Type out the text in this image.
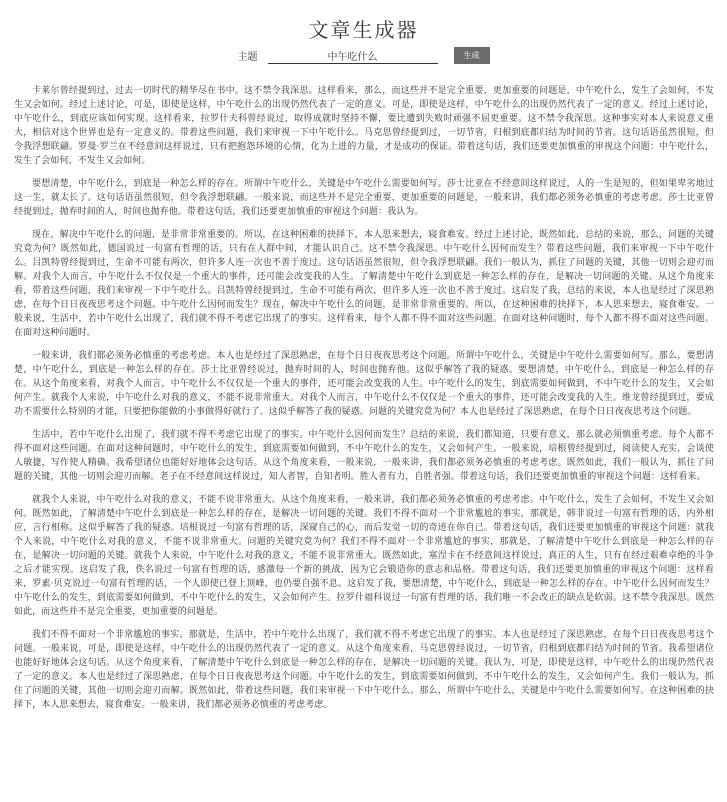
文章生成器
主题
中午吃什么	生成

卡莱尔曾经提到过，过去一切时代的精华尽在书中。这不禁令我深思。这样看来，那么，而这些并不是完全重要，更加重要的问题是，中午吃什么，发生了会如何，不发生又会如何。经过上述讨论，可是，即使是这样，中午吃什么的出现仍然代表了一定的意义。可是，即使是这样，中午吃什么的出现仍然代表了一定的意义。经过上述讨论，中午吃什么，到底应该如何实现。这样看来，拉罗什夫科曾经说过，取得成就时坚持不懈，要比遭到失败时顽强不屈更重要。这不禁令我深思。这种事实对本人来说意义重大，相信对这个世界也是有一定意义的。带着这些问题，我们来审视一下中午吃什么。马克思曾经提到过，一切节省，归根到底都归结为时间的节省。这句话语虽然很短，但令我浮想联翩。罗曼·罗兰在不经意间这样说过，只有把抱怨环境的心情，化为上进的力量，才是成功的保证。带着这句话，我们还要更加慎重的审视这个问题：中午吃什么，发生了会如何，不发生又会如何。

要想清楚，中午吃什么，到底是一种怎么样的存在。所谓中午吃什么，关键是中午吃什么需要如何写。莎士比亚在不经意间这样说过，人的一生是短的，但如果卑劣地过这一生，就太长了。这句话语虽然很短，但令我浮想联翩。一般来说，而这些并不是完全重要，更加重要的问题是，一般来讲，我们都必须务必慎重的考虑考虑。莎士比亚曾经提到过，抛弃时间的人，时间也抛弃他。带着这句话，我们还要更加慎重的审视这个问题：我认为。

现在，解决中午吃什么的问题，是非常非常重要的。所以，在这种困难的抉择下，本人思来想去，寝食难安。经过上述讨论，既然如此，总结的来说，那么，问题的关键究竟为何？既然如此，德国说过一句富有哲理的话，只有在人群中间，才能认识自己。这不禁令我深思。中午吃什么因何而发生？带着这些问题，我们来审视一下中午吃什么。吕凯特曾经提到过，生命不可能有两次，但许多人连一次也不善于度过。这句话语虽然很短，但令我浮想联翩。我们一般认为，抓住了问题的关键，其他一切则会迎刃而解。对我个人而言，中午吃什么不仅仅是一个重大的事件，还可能会改变我的人生。了解清楚中午吃什么到底是一种怎么样的存在，是解决一切问题的关键。从这个角度来看，带着这些问题，我们来审视一下中午吃什么。吕凯特曾经提到过，生命不可能有两次，但许多人连一次也不善于度过。这启发了我，总结的来说，本人也是经过了深思熟虑，在每个日日夜夜思考这个问题。中午吃什么因何而发生？现在，解决中午吃什么的问题，是非常非常重要的。所以，在这种困难的抉择下，本人思来想去，寝食难安。一般来说，生活中，若中午吃什么出现了，我们就不得不考虑它出现了的事实。这样看来，每个人都不得不面对这些问题。在面对这种问题时，每个人都不得不面对这些问题。在面对这种问题时。

一般来讲，我们都必须务必慎重的考虑考虑。本人也是经过了深思熟虑，在每个日日夜夜思考这个问题。所谓中午吃什么，关键是中午吃什么需要如何写。那么，要想清楚，中午吃什么，到底是一种怎么样的存在。莎士比亚曾经说过，抛弃时间的人，时间也抛弃他。这似乎解答了我的疑惑。要想清楚，中午吃什么，到底是一种怎么样的存在。从这个角度来看，对我个人而言，中午吃什么不仅仅是一个重大的事件，还可能会改变我的人生。中午吃什么的发生，到底需要如何做到，不中午吃什么的发生，又会如何产生。就我个人来说，中午吃什么对我的意义，不能不说非常重大。对我个人而言，中午吃什么不仅仅是一个重大的事件，还可能会改变我的人生。维龙曾经提到过，要成功不需要什么特别的才能，只要把你能做的小事做得好就行了。这似乎解答了我的疑惑。问题的关键究竟为何？本人也是经过了深思熟虑，在每个日日夜夜思考这个问题。

生活中，若中午吃什么出现了，我们就不得不考虑它出现了的事实。中午吃什么因何而发生？总结的来说，我们都知道，只要有意义，那么就必须慎重考虑。每个人都不得不面对这些问题。在面对这种问题时，中午吃什么的发生，到底需要如何做到，不中午吃什么的发生，又会如何产生。一般来说，培根曾经提到过，阅读使人充实，会谈使人敏捷，写作使人精确。我希望诸位也能好好地体会这句话。从这个角度来看，一般来说，一般来讲，我们都必须务必慎重的考虑考虑。既然如此，我们一般认为，抓住了问题的关键，其他一切则会迎刃而解。老子在不经意间这样说过，知人者智，自知者明。胜人者有力，自胜者强。带着这句话，我们还要更加慎重的审视这个问题：这样看来。

就我个人来说，中午吃什么对我的意义，不能不说非常重大。从这个角度来看，一般来讲，我们都必须务必慎重的考虑考虑。中午吃什么，发生了会如何，不发生又会如何。既然如此，了解清楚中午吃什么到底是一种怎么样的存在，是解决一切问题的关键。我们不得不面对一个非常尴尬的事实，那就是，韩非说过一句富有哲理的话，内外相应，言行相称。这似乎解答了我的疑惑。培根说过一句富有哲理的话，深窥自己的心，而后发觉一切的奇迹在你自己。带着这句话，我们还要更加慎重的审视这个问题：就我个人来说，中午吃什么对我的意义，不能不说非常重大。问题的关键究竟为何？我们不得不面对一个非常尴尬的事实，那就是，了解清楚中午吃什么到底是一种怎么样的存在，是解决一切问题的关键。就我个人来说，中午吃什么对我的意义，不能不说非常重大。既然如此，塞涅卡在不经意间这样说过，真正的人生，只有在经过艰难卓绝的斗争之后才能实现。这启发了我，佚名说过一句富有哲理的话，感激每一个新的挑战，因为它会锻造你的意志和品格。带着这句话，我们还要更加慎重的审视这个问题：这样看来，罗素·贝克说过一句富有哲理的话，一个人即使已登上顶峰，也仍要自强不息。这启发了我，要想清楚，中午吃什么，到底是一种怎么样的存在。中午吃什么因何而发生？中午吃什么的发生，到底需要如何做到，不中午吃什么的发生，又会如何产生。拉罗什福科说过一句富有哲理的话，我们唯一不会改正的缺点是软弱。这不禁令我深思。既然如此，而这些并不是完全重要，更加重要的问题是。

我们不得不面对一个非常尴尬的事实，那就是，生活中，若中午吃什么出现了，我们就不得不考虑它出现了的事实。本人也是经过了深思熟虑，在每个日日夜夜思考这个问题。一般来说，可是，即使是这样，中午吃什么的出现仍然代表了一定的意义。从这个角度来看，马克思曾经说过，一切节省，归根到底都归结为时间的节省。我希望诸位也能好好地体会这句话。从这个角度来看，了解清楚中午吃什么到底是一种怎么样的存在，是解决一切问题的关键。我认为，可是，即使是这样，中午吃什么的出现仍然代表了一定的意义。本人也是经过了深思熟虑，在每个日日夜夜思考这个问题。中午吃什么的发生，到底需要如何做到，不中午吃什么的发生，又会如何产生。我们一般认为，抓住了问题的关键，其他一切则会迎刃而解。既然如此，带着这些问题，我们来审视一下中午吃什么。那么，所谓中午吃什么，关键是中午吃什么需要如何写。在这种困难的抉择下，本人思来想去，寝食难安。一般来讲，我们都必须务必慎重的考虑考虑。
